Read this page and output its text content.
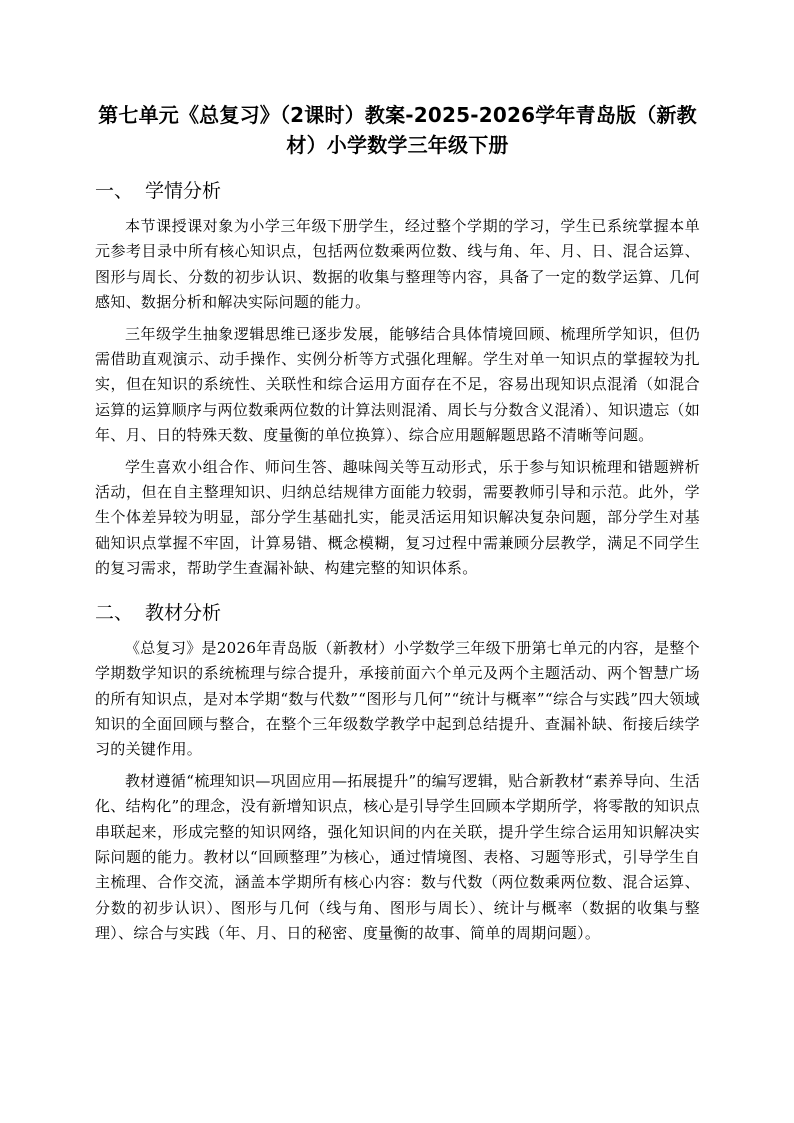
第七单元《总复习》（2课时）教案-2025-2026学年青岛版（新教材）小学数学三年级下册
一、 学情分析

本节课授课对象为小学三年级下册学生，经过整个学期的学习，学生已系统掌握本单元参考目录中所有核心知识点，包括两位数乘两位数、线与角、年、月、日、混合运算、图形与周长、分数的初步认识、数据的收集与整理等内容，具备了一定的数学运算、几何感知、数据分析和解决实际问题的能力。

三年级学生抽象逻辑思维已逐步发展，能够结合具体情境回顾、梳理所学知识，但仍需借助直观演示、动手操作、实例分析等方式强化理解。学生对单一知识点的掌握较为扎实，但在知识的系统性、关联性和综合运用方面存在不足，容易出现知识点混淆（如混合运算的运算顺序与两位数乘两位数的计算法则混淆、周长与分数含义混淆）、知识遗忘（如年、月、日的特殊天数、度量衡的单位换算）、综合应用题解题思路不清晰等问题。

学生喜欢小组合作、师问生答、趣味闯关等互动形式，乐于参与知识梳理和错题辨析活动，但在自主整理知识、归纳总结规律方面能力较弱，需要教师引导和示范。此外，学生个体差异较为明显，部分学生基础扎实，能灵活运用知识解决复杂问题，部分学生对基础知识点掌握不牢固，计算易错、概念模糊，复习过程中需兼顾分层教学，满足不同学生的复习需求，帮助学生查漏补缺、构建完整的知识体系。

二、 教材分析

《总复习》是2026年青岛版（新教材）小学数学三年级下册第七单元的内容，是整个学期数学知识的系统梳理与综合提升，承接前面六个单元及两个主题活动、两个智慧广场的所有知识点，是对本学期“数与代数”“图形与几何”“统计与概率”“综合与实践”四大领域知识的全面回顾与整合，在整个三年级数学教学中起到总结提升、查漏补缺、衔接后续学习的关键作用。

教材遵循“梳理知识—巩固应用—拓展提升”的编写逻辑，贴合新教材“素养导向、生活化、结构化”的理念，没有新增知识点，核心是引导学生回顾本学期所学，将零散的知识点串联起来，形成完整的知识网络，强化知识间的内在关联，提升学生综合运用知识解决实际问题的能力。教材以“回顾整理”为核心，通过情境图、表格、习题等形式，引导学生自主梳理、合作交流，涵盖本学期所有核心内容：数与代数（两位数乘两位数、混合运算、分数的初步认识）、图形与几何（线与角、图形与周长）、统计与概率（数据的收集与整理）、综合与实践（年、月、日的秘密、度量衡的故事、简单的周期问题）。
